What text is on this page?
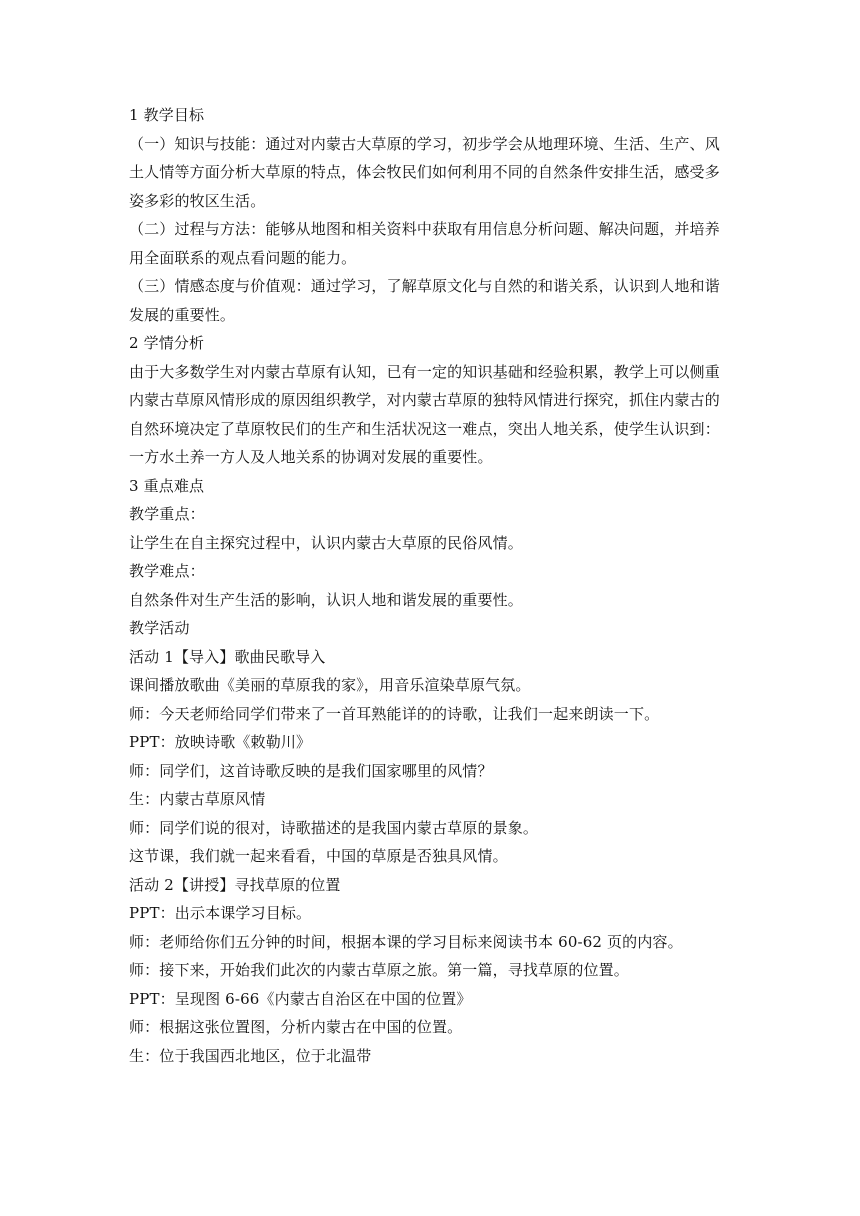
1 教学目标
（一）知识与技能：通过对内蒙古大草原的学习，初步学会从地理环境、生活、生产、风
土人情等方面分析大草原的特点，体会牧民们如何利用不同的自然条件安排生活，感受多
姿多彩的牧区生活。
（二）过程与方法：能够从地图和相关资料中获取有用信息分析问题、解决问题，并培养
用全面联系的观点看问题的能力。
（三）情感态度与价值观：通过学习，了解草原文化与自然的和谐关系，认识到人地和谐
发展的重要性。
2 学情分析
由于大多数学生对内蒙古草原有认知，已有一定的知识基础和经验积累，教学上可以侧重
内蒙古草原风情形成的原因组织教学，对内蒙古草原的独特风情进行探究，抓住内蒙古的
自然环境决定了草原牧民们的生产和生活状况这一难点，突出人地关系，使学生认识到：
一方水土养一方人及人地关系的协调对发展的重要性。
3 重点难点
教学重点：
让学生在自主探究过程中，认识内蒙古大草原的民俗风情。
教学难点：
自然条件对生产生活的影响，认识人地和谐发展的重要性。
教学活动
活动 1【导入】歌曲民歌导入
课间播放歌曲《美丽的草原我的家》，用音乐渲染草原气氛。
师：今天老师给同学们带来了一首耳熟能详的的诗歌，让我们一起来朗读一下。
PPT：放映诗歌《敕勒川》
师：同学们，这首诗歌反映的是我们国家哪里的风情？
生：内蒙古草原风情
师：同学们说的很对，诗歌描述的是我国内蒙古草原的景象。
这节课，我们就一起来看看，中国的草原是否独具风情。
活动 2【讲授】寻找草原的位置
PPT：出示本课学习目标。
师：老师给你们五分钟的时间，根据本课的学习目标来阅读书本 60-62 页的内容。
师：接下来，开始我们此次的内蒙古草原之旅。第一篇，寻找草原的位置。
PPT：呈现图 6-66《内蒙古自治区在中国的位置》
师：根据这张位置图，分析内蒙古在中国的位置。
生：位于我国西北地区，位于北温带
